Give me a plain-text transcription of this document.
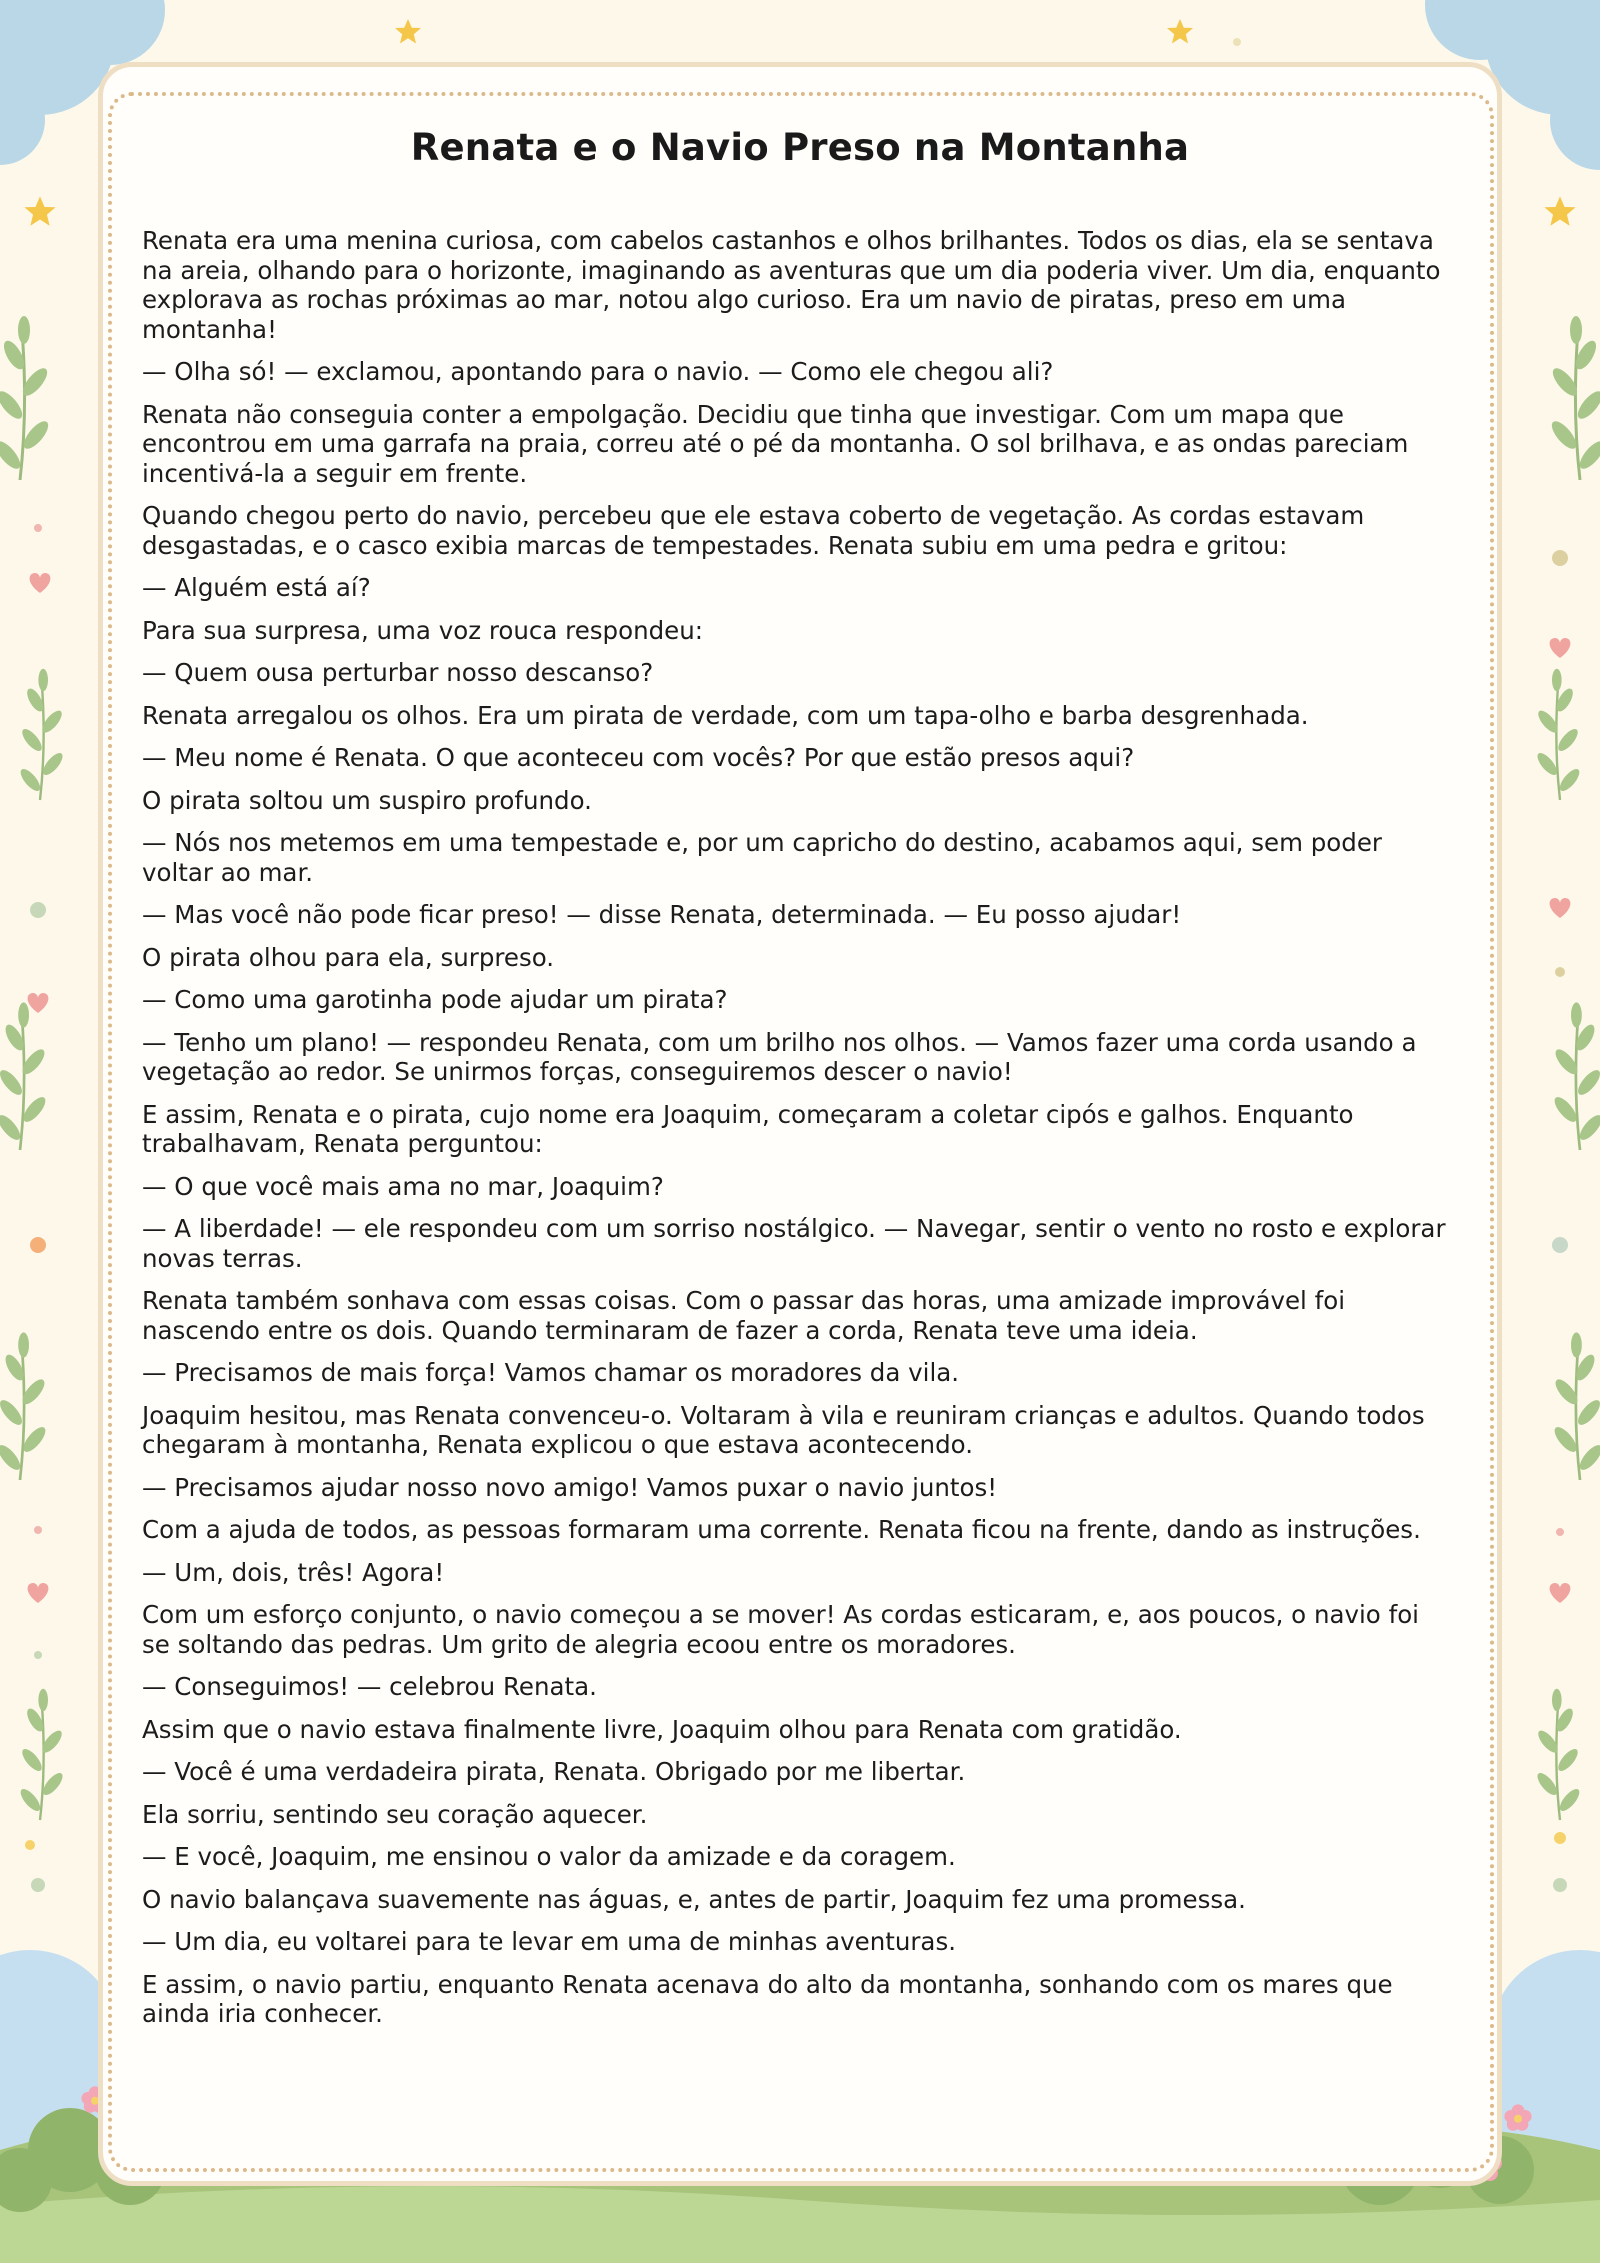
Renata e o Navio Preso na Montanha

Renata era uma menina curiosa, com cabelos castanhos e olhos brilhantes. Todos os dias, ela se sentava na areia, olhando para o horizonte, imaginando as aventuras que um dia poderia viver. Um dia, enquanto explorava as rochas próximas ao mar, notou algo curioso. Era um navio de piratas, preso em uma montanha!

— Olha só! — exclamou, apontando para o navio. — Como ele chegou ali?

Renata não conseguia conter a empolgação. Decidiu que tinha que investigar. Com um mapa que encontrou em uma garrafa na praia, correu até o pé da montanha. O sol brilhava, e as ondas pareciam incentivá-la a seguir em frente.

Quando chegou perto do navio, percebeu que ele estava coberto de vegetação. As cordas estavam desgastadas, e o casco exibia marcas de tempestades. Renata subiu em uma pedra e gritou:

— Alguém está aí?

Para sua surpresa, uma voz rouca respondeu:

— Quem ousa perturbar nosso descanso?

Renata arregalou os olhos. Era um pirata de verdade, com um tapa-olho e barba desgrenhada.

— Meu nome é Renata. O que aconteceu com vocês? Por que estão presos aqui?

O pirata soltou um suspiro profundo.

— Nós nos metemos em uma tempestade e, por um capricho do destino, acabamos aqui, sem poder voltar ao mar.

— Mas você não pode ficar preso! — disse Renata, determinada. — Eu posso ajudar!

O pirata olhou para ela, surpreso.

— Como uma garotinha pode ajudar um pirata?

— Tenho um plano! — respondeu Renata, com um brilho nos olhos. — Vamos fazer uma corda usando a vegetação ao redor. Se unirmos forças, conseguiremos descer o navio!

E assim, Renata e o pirata, cujo nome era Joaquim, começaram a coletar cipós e galhos. Enquanto trabalhavam, Renata perguntou:

— O que você mais ama no mar, Joaquim?

— A liberdade! — ele respondeu com um sorriso nostálgico. — Navegar, sentir o vento no rosto e explorar novas terras.

Renata também sonhava com essas coisas. Com o passar das horas, uma amizade improvável foi nascendo entre os dois. Quando terminaram de fazer a corda, Renata teve uma ideia.

— Precisamos de mais força! Vamos chamar os moradores da vila.

Joaquim hesitou, mas Renata convenceu-o. Voltaram à vila e reuniram crianças e adultos. Quando todos chegaram à montanha, Renata explicou o que estava acontecendo.

— Precisamos ajudar nosso novo amigo! Vamos puxar o navio juntos!

Com a ajuda de todos, as pessoas formaram uma corrente. Renata ficou na frente, dando as instruções.

— Um, dois, três! Agora!

Com um esforço conjunto, o navio começou a se mover! As cordas esticaram, e, aos poucos, o navio foi se soltando das pedras. Um grito de alegria ecoou entre os moradores.

— Conseguimos! — celebrou Renata.

Assim que o navio estava finalmente livre, Joaquim olhou para Renata com gratidão.

— Você é uma verdadeira pirata, Renata. Obrigado por me libertar.

Ela sorriu, sentindo seu coração aquecer.

— E você, Joaquim, me ensinou o valor da amizade e da coragem.

O navio balançava suavemente nas águas, e, antes de partir, Joaquim fez uma promessa.

— Um dia, eu voltarei para te levar em uma de minhas aventuras.

E assim, o navio partiu, enquanto Renata acenava do alto da montanha, sonhando com os mares que ainda iria conhecer.
